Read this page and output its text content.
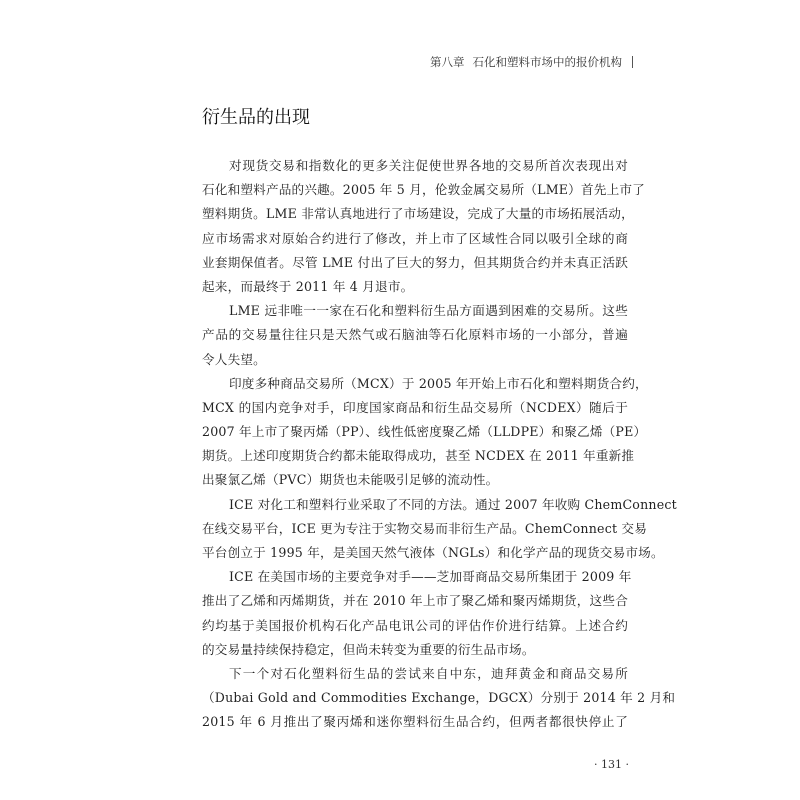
第八章 石化和塑料市场中的报价机构
衍生品的出现
对现货交易和指数化的更多关注促使世界各地的交易所首次表现出对
石化和塑料产品的兴趣。2005 年 5 月，伦敦金属交易所（LME）首先上市了
塑料期货。LME 非常认真地进行了市场建设，完成了大量的市场拓展活动，
应市场需求对原始合约进行了修改，并上市了区域性合同以吸引全球的商
业套期保值者。尽管 LME 付出了巨大的努力，但其期货合约并未真正活跃
起来，而最终于 2011 年 4 月退市。
LME 远非唯一一家在石化和塑料衍生品方面遇到困难的交易所。这些
产品的交易量往往只是天然气或石脑油等石化原料市场的一小部分，普遍
令人失望。
印度多种商品交易所（MCX）于 2005 年开始上市石化和塑料期货合约，
MCX 的国内竞争对手，印度国家商品和衍生品交易所（NCDEX）随后于
2007 年上市了聚丙烯（PP）、线性低密度聚乙烯（LLDPE）和聚乙烯（PE）
期货。上述印度期货合约都未能取得成功，甚至 NCDEX 在 2011 年重新推
出聚氯乙烯（PVC）期货也未能吸引足够的流动性。
ICE 对化工和塑料行业采取了不同的方法。通过 2007 年收购 ChemConnect
在线交易平台，ICE 更为专注于实物交易而非衍生产品。ChemConnect 交易
平台创立于 1995 年，是美国天然气液体（NGLs）和化学产品的现货交易市场。
ICE 在美国市场的主要竞争对手——芝加哥商品交易所集团于 2009 年
推出了乙烯和丙烯期货，并在 2010 年上市了聚乙烯和聚丙烯期货，这些合
约均基于美国报价机构石化产品电讯公司的评估作价进行结算。上述合约
的交易量持续保持稳定，但尚未转变为重要的衍生品市场。
下一个对石化塑料衍生品的尝试来自中东，迪拜黄金和商品交易所
（Dubai Gold and Commodities Exchange，DGCX）分别于 2014 年 2 月和
2015 年 6 月推出了聚丙烯和迷你塑料衍生品合约，但两者都很快停止了
· 131 ·
